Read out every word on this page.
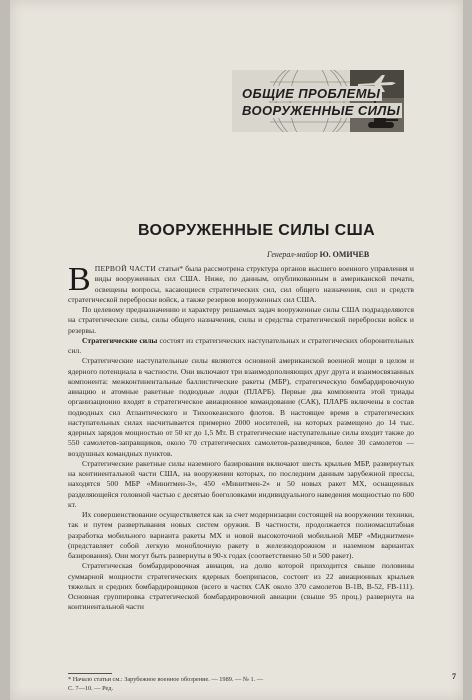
ОБЩИЕ ПРОБЛЕМЫ
ВООРУЖЕННЫЕ СИЛЫ
ВООРУЖЕННЫЕ СИЛЫ США
Генерал-майор Ю. ОМИЧЕВ

ВПЕРВОЙ ЧАСТИ статьи* была рассмотрена структура органов высшего военного управления и виды вооруженных сил США. Ниже, по данным, опубликованным в американской печати, освещены вопросы, касающиеся стратегических сил, сил общего назначения, сил и средств стратегической переброски войск, а также резервов вооруженных сил США.

По целевому предназначению и характеру решаемых задач вооруженные силы США подразделяются на стратегические силы, силы общего назначения, силы и средства стратегической переброски войск и резервы.

Стратегические силы состоят из стратегических наступательных и стратегических оборонительных сил.

Стратегические наступательные силы являются основной американской военной мощи в целом и ядерного потенциала в частности. Они включают три взаимодополняющих друг друга и взаимосвязанных компонента: межконтинентальные баллистические ракеты (МБР), стратегическую бомбардировочную авиацию и атомные ракетные подводные лодки (ПЛАРБ). Первые два компонента этой триады организационно входят в стратегическое авиационное командование (САК), ПЛАРБ включены в состав подводных сил Атлантического и Тихоокеанского флотов. В настоящее время в стратегических наступательных силах насчитывается примерно 2000 носителей, на которых размещено до 14 тыс. ядерных зарядов мощностью от 50 кт до 1,5 Мт. В стратегические наступательные силы входит также до 550 самолетов-заправщиков, около 70 стратегических самолетов-разведчиков, более 30 самолетов — воздушных командных пунктов.

Стратегические ракетные силы наземного базирования включают шесть крыльев МБР, развернутых на континентальной части США, на вооружении которых, по последним данным зарубежной прессы, находятся 500 МБР «Минитмен-3», 450 «Минитмен-2» и 50 новых ракет МХ, оснащенных разделяющейся головной частью с десятью боеголовками индивидуального наведения мощностью по 600 кт.

Их совершенствование осуществляется как за счет модернизации состоящей на вооружении техники, так и путем развертывания новых систем оружия. В частности, продолжается полномасштабная разработка мобильного варианта ракеты МХ и новой высокоточной мобильной МБР «Миджитмен» (представляет собой легкую моноблочную ракету в железнодорожном и наземном вариантах базирования). Они могут быть развернуты в 90-х годах (соответственно 50 и 500 ракет).

Стратегическая бомбардировочная авиация, на долю которой приходится свыше половины суммарной мощности стратегических ядерных боеприпасов, состоит из 22 авиационных крыльев тяжелых и средних бомбардировщиков (всего в частях САК около 370 самолетов В-1В, В-52, FВ-111). Основная группировка стратегической бомбардировочной авиации (свыше 95 проц.) развернута на континентальной части

* Начало статьи см.: Зарубежное военное обозрение. — 1989. — № 1. —
С. 7—10. — Ред.
7
